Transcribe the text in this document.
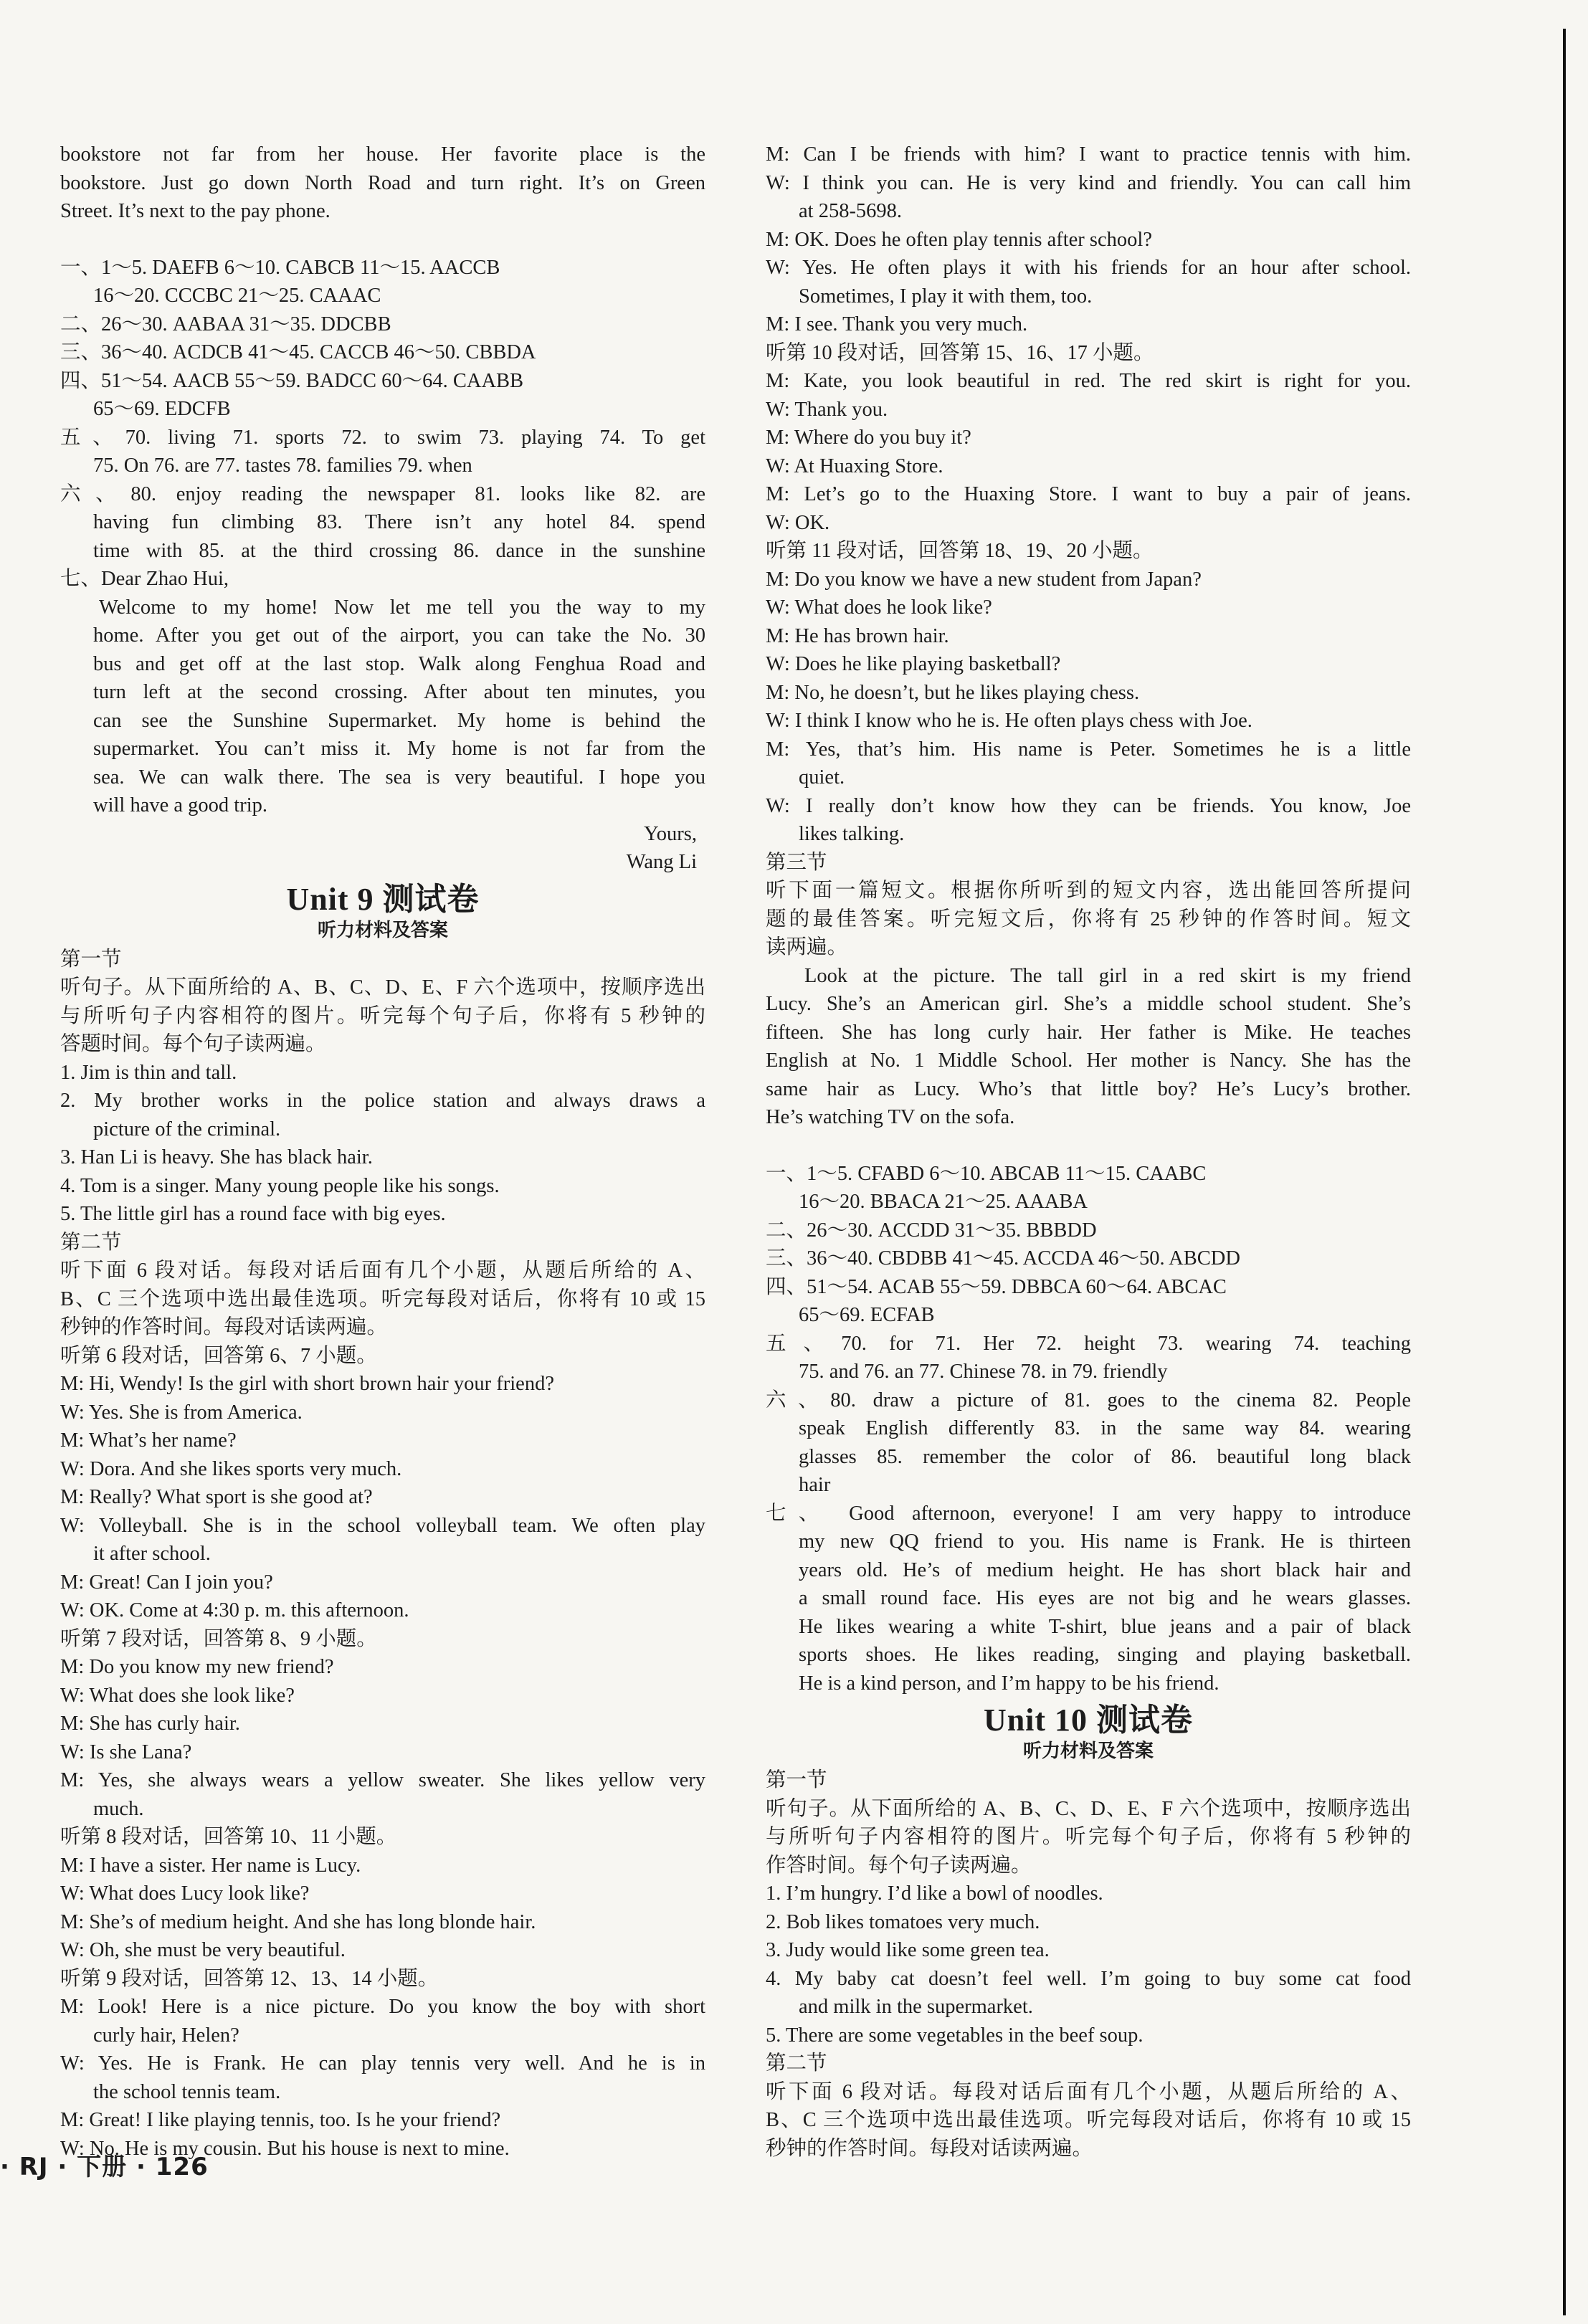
bookstore not far from her house. Her favorite place is the
bookstore. Just go down North Road and turn right. It’s on Green
Street. It’s next to the pay phone.
一、1～5. DAEFB 6～10. CABCB 11～15. AACCB
16～20. CCCBC 21～25. CAAAC
二、26～30. AABAA 31～35. DDCBB
三、36～40. ACDCB 41～45. CACCB 46～50. CBBDA
四、51～54. AACB 55～59. BADCC 60～64. CAABB
65～69. EDCFB
五、70. living 71. sports 72. to swim 73. playing 74. To get
75. On 76. are 77. tastes 78. families 79. when
六、80. enjoy reading the newspaper 81. looks like 82. are
having fun climbing 83. There isn’t any hotel 84. spend
time with 85. at the third crossing 86. dance in the sunshine
七、Dear Zhao Hui,
Welcome to my home! Now let me tell you the way to my
home. After you get out of the airport, you can take the No. 30
bus and get off at the last stop. Walk along Fenghua Road and
turn left at the second crossing. After about ten minutes, you
can see the Sunshine Supermarket. My home is behind the
supermarket. You can’t miss it. My home is not far from the
sea. We can walk there. The sea is very beautiful. I hope you
will have a good trip.
Yours,
Wang Li
Unit 9 测试卷
听力材料及答案
第一节
听句子。从下面所给的 A、B、C、D、E、F 六个选项中，按顺序选出
与所听句子内容相符的图片。听完每个句子后，你将有 5 秒钟的
答题时间。每个句子读两遍。
1. Jim is thin and tall.
2. My brother works in the police station and always draws a
picture of the criminal.
3. Han Li is heavy. She has black hair.
4. Tom is a singer. Many young people like his songs.
5. The little girl has a round face with big eyes.
第二节
听下面 6 段对话。每段对话后面有几个小题，从题后所给的 A、
B、C 三个选项中选出最佳选项。听完每段对话后，你将有 10 或 15
秒钟的作答时间。每段对话读两遍。
听第 6 段对话，回答第 6、7 小题。
M: Hi, Wendy! Is the girl with short brown hair your friend?
W: Yes. She is from America.
M: What’s her name?
W: Dora. And she likes sports very much.
M: Really? What sport is she good at?
W: Volleyball. She is in the school volleyball team. We often play
it after school.
M: Great! Can I join you?
W: OK. Come at 4:30 p. m. this afternoon.
听第 7 段对话，回答第 8、9 小题。
M: Do you know my new friend?
W: What does she look like?
M: She has curly hair.
W: Is she Lana?
M: Yes, she always wears a yellow sweater. She likes yellow very
much.
听第 8 段对话，回答第 10、11 小题。
M: I have a sister. Her name is Lucy.
W: What does Lucy look like?
M: She’s of medium height. And she has long blonde hair.
W: Oh, she must be very beautiful.
听第 9 段对话，回答第 12、13、14 小题。
M: Look! Here is a nice picture. Do you know the boy with short
curly hair, Helen?
W: Yes. He is Frank. He can play tennis very well. And he is in
the school tennis team.
M: Great! I like playing tennis, too. Is he your friend?
W: No. He is my cousin. But his house is next to mine.
M: Can I be friends with him? I want to practice tennis with him.
W: I think you can. He is very kind and friendly. You can call him
at 258-5698.
M: OK. Does he often play tennis after school?
W: Yes. He often plays it with his friends for an hour after school.
Sometimes, I play it with them, too.
M: I see. Thank you very much.
听第 10 段对话，回答第 15、16、17 小题。
M: Kate, you look beautiful in red. The red skirt is right for you.
W: Thank you.
M: Where do you buy it?
W: At Huaxing Store.
M: Let’s go to the Huaxing Store. I want to buy a pair of jeans.
W: OK.
听第 11 段对话，回答第 18、19、20 小题。
M: Do you know we have a new student from Japan?
W: What does he look like?
M: He has brown hair.
W: Does he like playing basketball?
M: No, he doesn’t, but he likes playing chess.
W: I think I know who he is. He often plays chess with Joe.
M: Yes, that’s him. His name is Peter. Sometimes he is a little
quiet.
W: I really don’t know how they can be friends. You know, Joe
likes talking.
第三节
听下面一篇短文。根据你所听到的短文内容，选出能回答所提问
题的最佳答案。听完短文后，你将有 25 秒钟的作答时间。短文
读两遍。
Look at the picture. The tall girl in a red skirt is my friend
Lucy. She’s an American girl. She’s a middle school student. She’s
fifteen. She has long curly hair. Her father is Mike. He teaches
English at No. 1 Middle School. Her mother is Nancy. She has the
same hair as Lucy. Who’s that little boy? He’s Lucy’s brother.
He’s watching TV on the sofa.
一、1～5. CFABD 6～10. ABCAB 11～15. CAABC
16～20. BBACA 21～25. AAABA
二、26～30. ACCDD 31～35. BBBDD
三、36～40. CBDBB 41～45. ACCDA 46～50. ABCDD
四、51～54. ACAB 55～59. DBBCA 60～64. ABCAC
65～69. ECFAB
五、70. for 71. Her 72. height 73. wearing 74. teaching
75. and 76. an 77. Chinese 78. in 79. friendly
六、80. draw a picture of 81. goes to the cinema 82. People
speak English differently 83. in the same way 84. wearing
glasses 85. remember the color of 86. beautiful long black
hair
七、 Good afternoon, everyone! I am very happy to introduce
my new QQ friend to you. His name is Frank. He is thirteen
years old. He’s of medium height. He has short black hair and
a small round face. His eyes are not big and he wears glasses.
He likes wearing a white T-shirt, blue jeans and a pair of black
sports shoes. He likes reading, singing and playing basketball.
He is a kind person, and I’m happy to be his friend.
Unit 10 测试卷
听力材料及答案
第一节
听句子。从下面所给的 A、B、C、D、E、F 六个选项中，按顺序选出
与所听句子内容相符的图片。听完每个句子后，你将有 5 秒钟的
作答时间。每个句子读两遍。
1. I’m hungry. I’d like a bowl of noodles.
2. Bob likes tomatoes very much.
3. Judy would like some green tea.
4. My baby cat doesn’t feel well. I’m going to buy some cat food
and milk in the supermarket.
5. There are some vegetables in the beef soup.
第二节
听下面 6 段对话。每段对话后面有几个小题，从题后所给的 A、
B、C 三个选项中选出最佳选项。听完每段对话后，你将有 10 或 15
秒钟的作答时间。每段对话读两遍。
· RJ · 下册 · 126
